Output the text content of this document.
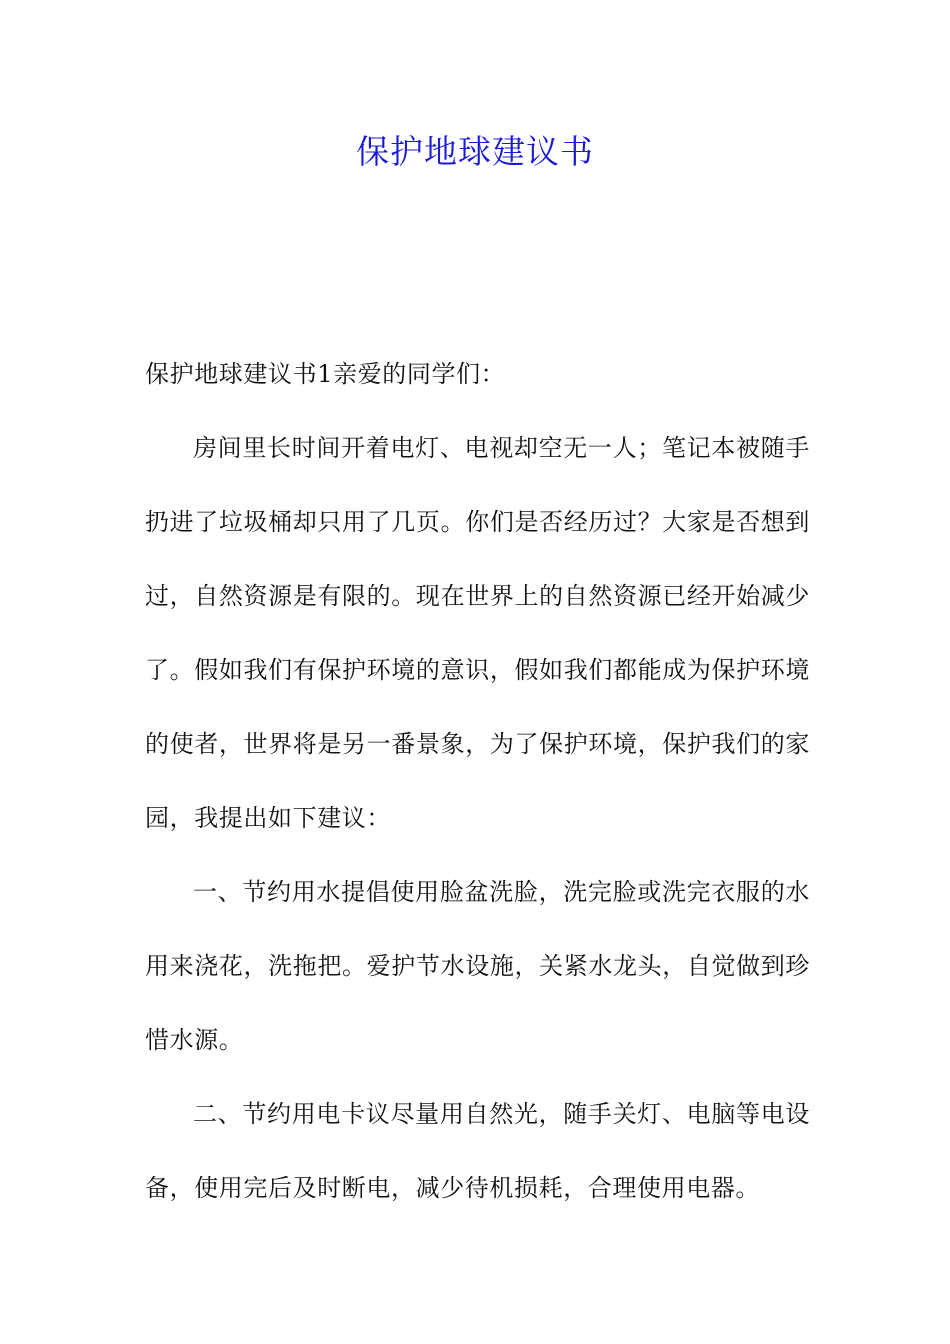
保护地球建议书

保护地球建议书1亲爱的同学们：

房间里长时间开着电灯、电视却空无一人；笔记本被随手扔进了垃圾桶却只用了几页。你们是否经历过？大家是否想到过，自然资源是有限的。现在世界上的自然资源已经开始减少了。假如我们有保护环境的意识，假如我们都能成为保护环境的使者，世界将是另一番景象，为了保护环境，保护我们的家园，我提出如下建议：

一、节约用水提倡使用脸盆洗脸，洗完脸或洗完衣服的水用来浇花，洗拖把。爱护节水设施，关紧水龙头，自觉做到珍惜水源。

二、节约用电卡议尽量用自然光，随手关灯、电脑等电设备，使用完后及时断电，减少待机损耗，合理使用电器。
